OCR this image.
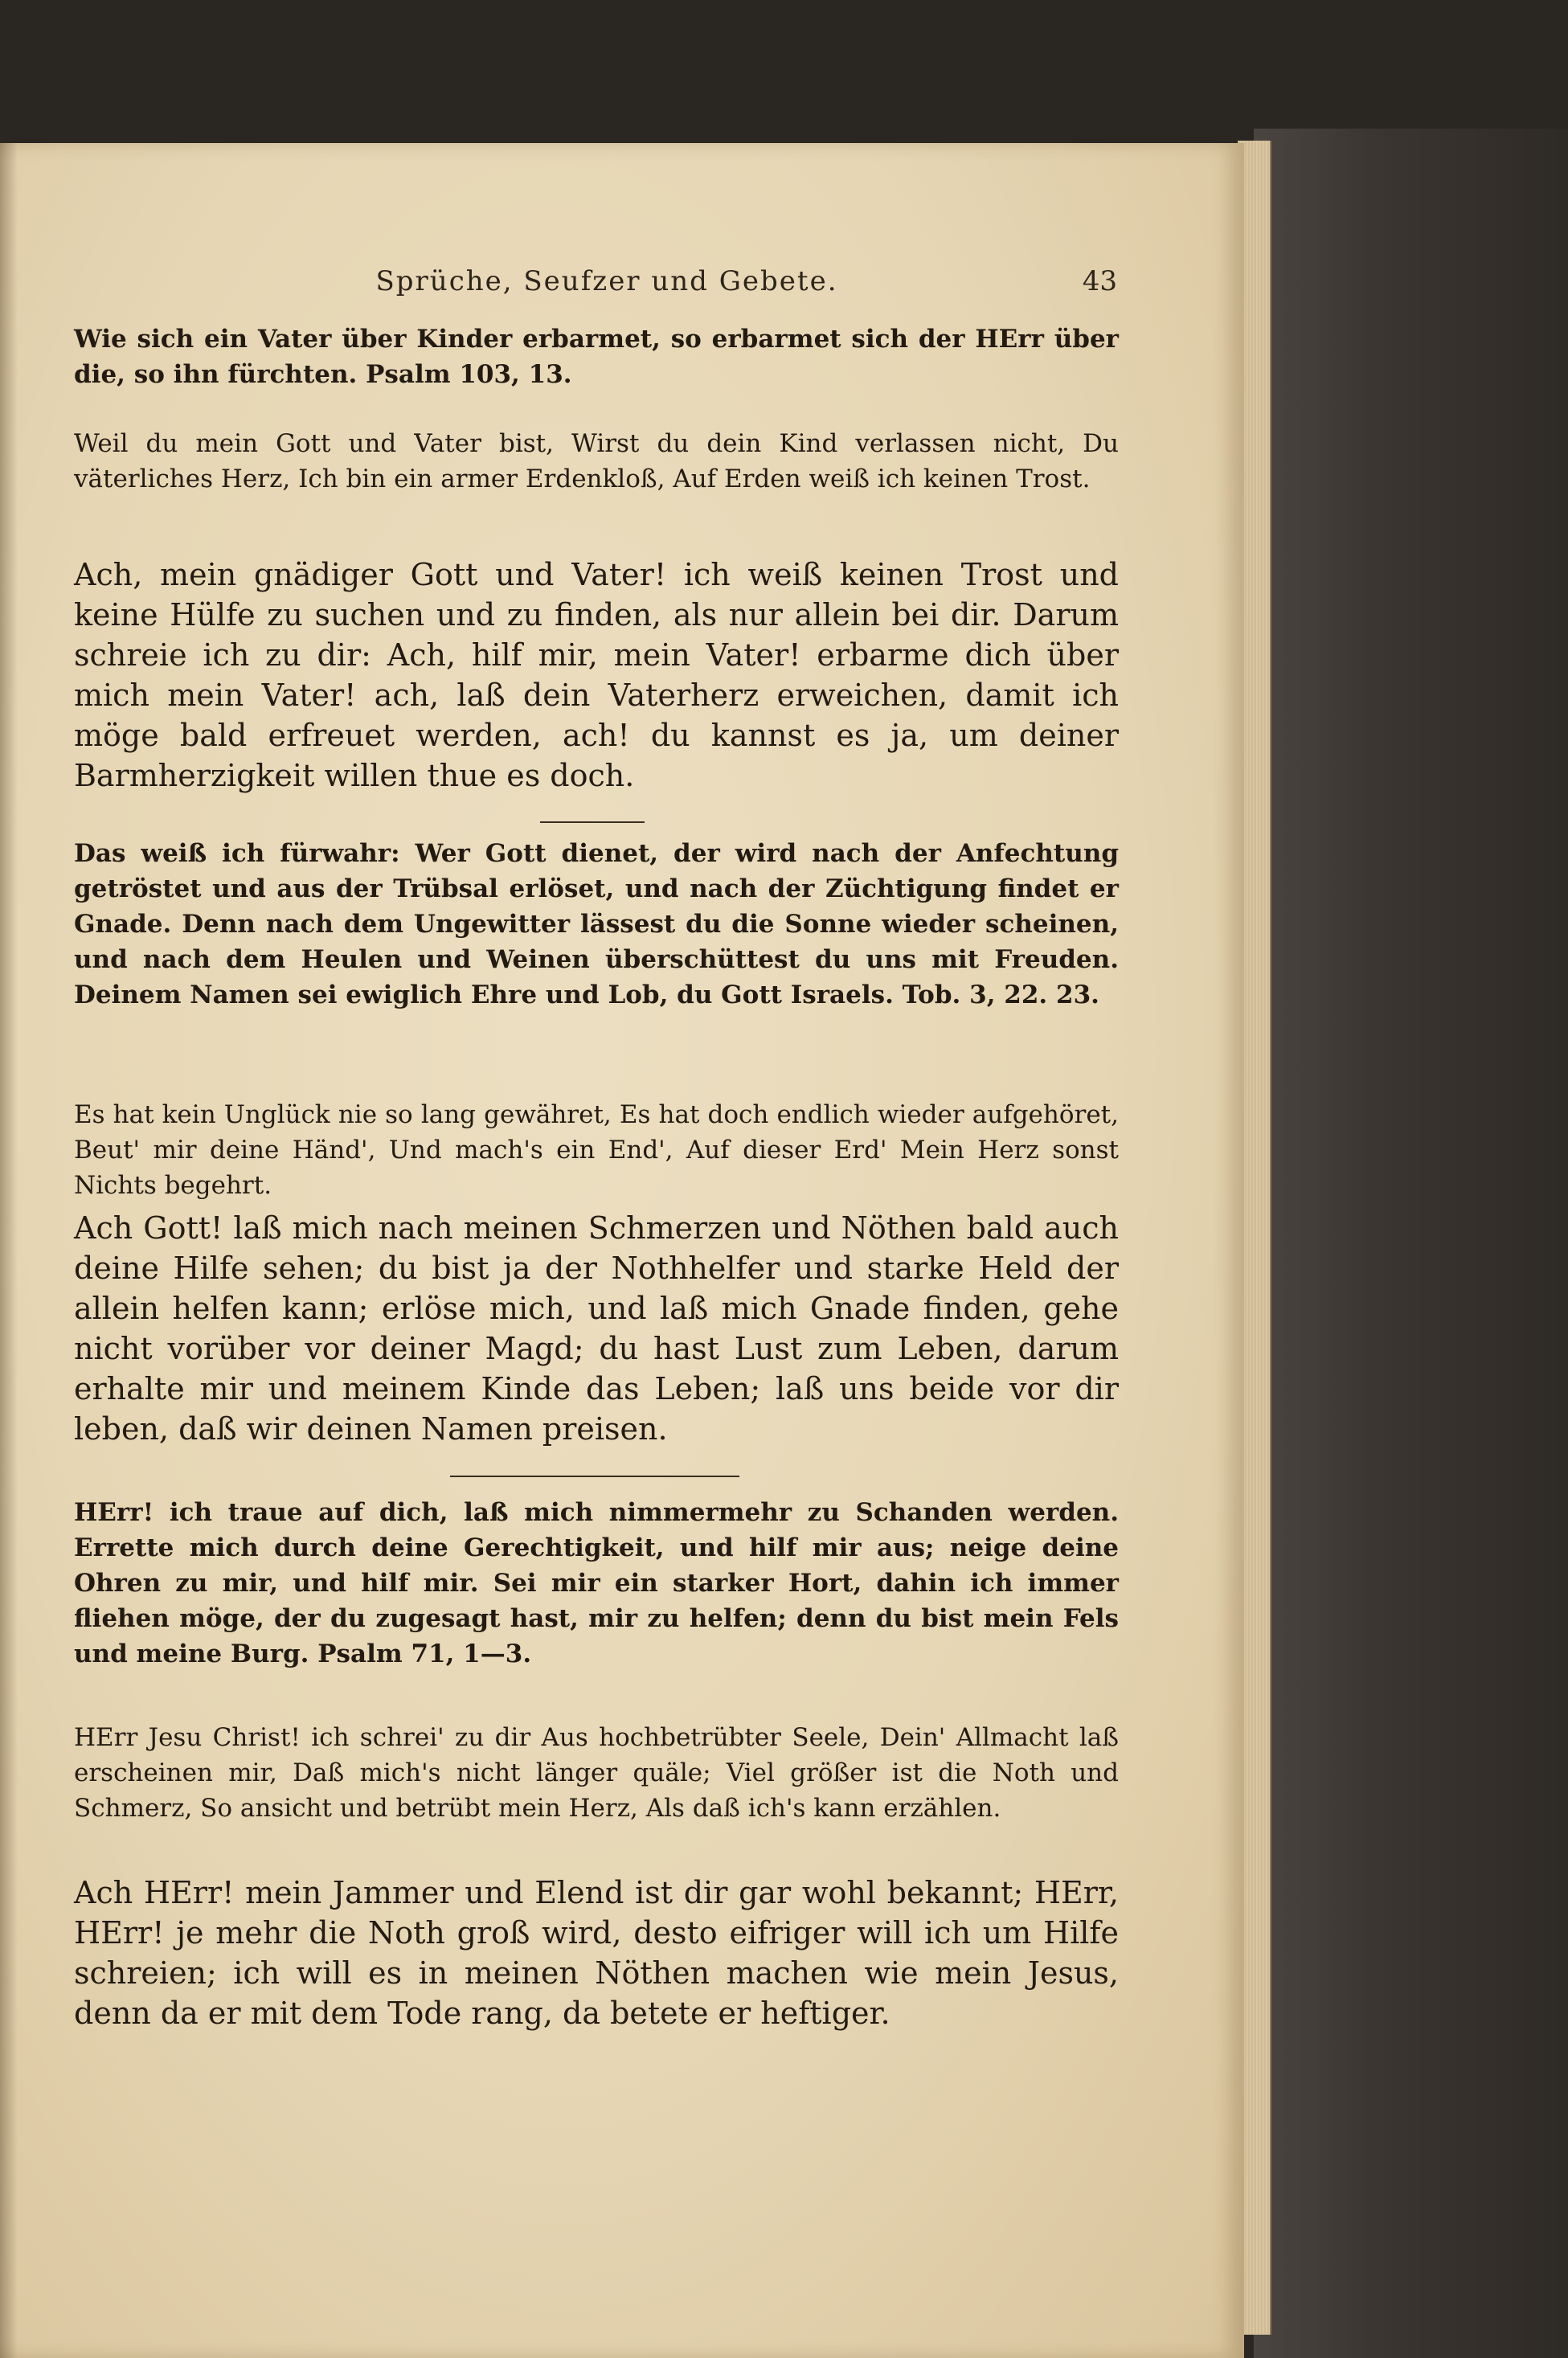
Sprüche, Seufzer und Gebete.	43

Wie sich ein Vater über Kinder erbarmet, so erbarmet sich der HErr über die, so ihn fürchten. Psalm 103, 13.

Weil du mein Gott und Vater bist, Wirst du dein Kind verlassen nicht, Du väterliches Herz, Ich bin ein armer Erdenkloß, Auf Erden weiß ich keinen Trost.

Ach, mein gnädiger Gott und Vater! ich weiß keinen Trost und keine Hülfe zu suchen und zu finden, als nur allein bei dir. Darum schreie ich zu dir: Ach, hilf mir, mein Vater! erbarme dich über mich mein Vater! ach, laß dein Vaterherz erweichen, damit ich möge bald erfreuet werden, ach! du kannst es ja, um deiner Barmherzigkeit willen thue es doch.

Das weiß ich fürwahr: Wer Gott dienet, der wird nach der Anfechtung getröstet und aus der Trübsal erlöset, und nach der Züchtigung findet er Gnade. Denn nach dem Ungewitter lässest du die Sonne wieder scheinen, und nach dem Heulen und Weinen überschüttest du uns mit Freuden. Deinem Namen sei ewiglich Ehre und Lob, du Gott Israels. Tob. 3, 22. 23.

Es hat kein Unglück nie so lang gewähret, Es hat doch endlich wieder aufgehöret, Beut' mir deine Händ', Und mach's ein End', Auf dieser Erd' Mein Herz sonst Nichts begehrt.

Ach Gott! laß mich nach meinen Schmerzen und Nöthen bald auch deine Hilfe sehen; du bist ja der Nothhelfer und starke Held der allein helfen kann; erlöse mich, und laß mich Gnade finden, gehe nicht vorüber vor deiner Magd; du hast Lust zum Leben, darum erhalte mir und meinem Kinde das Leben; laß uns beide vor dir leben, daß wir deinen Namen preisen.

HErr! ich traue auf dich, laß mich nimmermehr zu Schanden werden. Errette mich durch deine Gerechtigkeit, und hilf mir aus; neige deine Ohren zu mir, und hilf mir. Sei mir ein starker Hort, dahin ich immer fliehen möge, der du zugesagt hast, mir zu helfen; denn du bist mein Fels und meine Burg. Psalm 71, 1—3.

HErr Jesu Christ! ich schrei' zu dir Aus hochbetrübter Seele, Dein' Allmacht laß erscheinen mir, Daß mich's nicht länger quäle; Viel größer ist die Noth und Schmerz, So ansicht und betrübt mein Herz, Als daß ich's kann erzählen.

Ach HErr! mein Jammer und Elend ist dir gar wohl bekannt; HErr, HErr! je mehr die Noth groß wird, desto eifriger will ich um Hilfe schreien; ich will es in meinen Nöthen machen wie mein Jesus, denn da er mit dem Tode rang, da betete er heftiger.
